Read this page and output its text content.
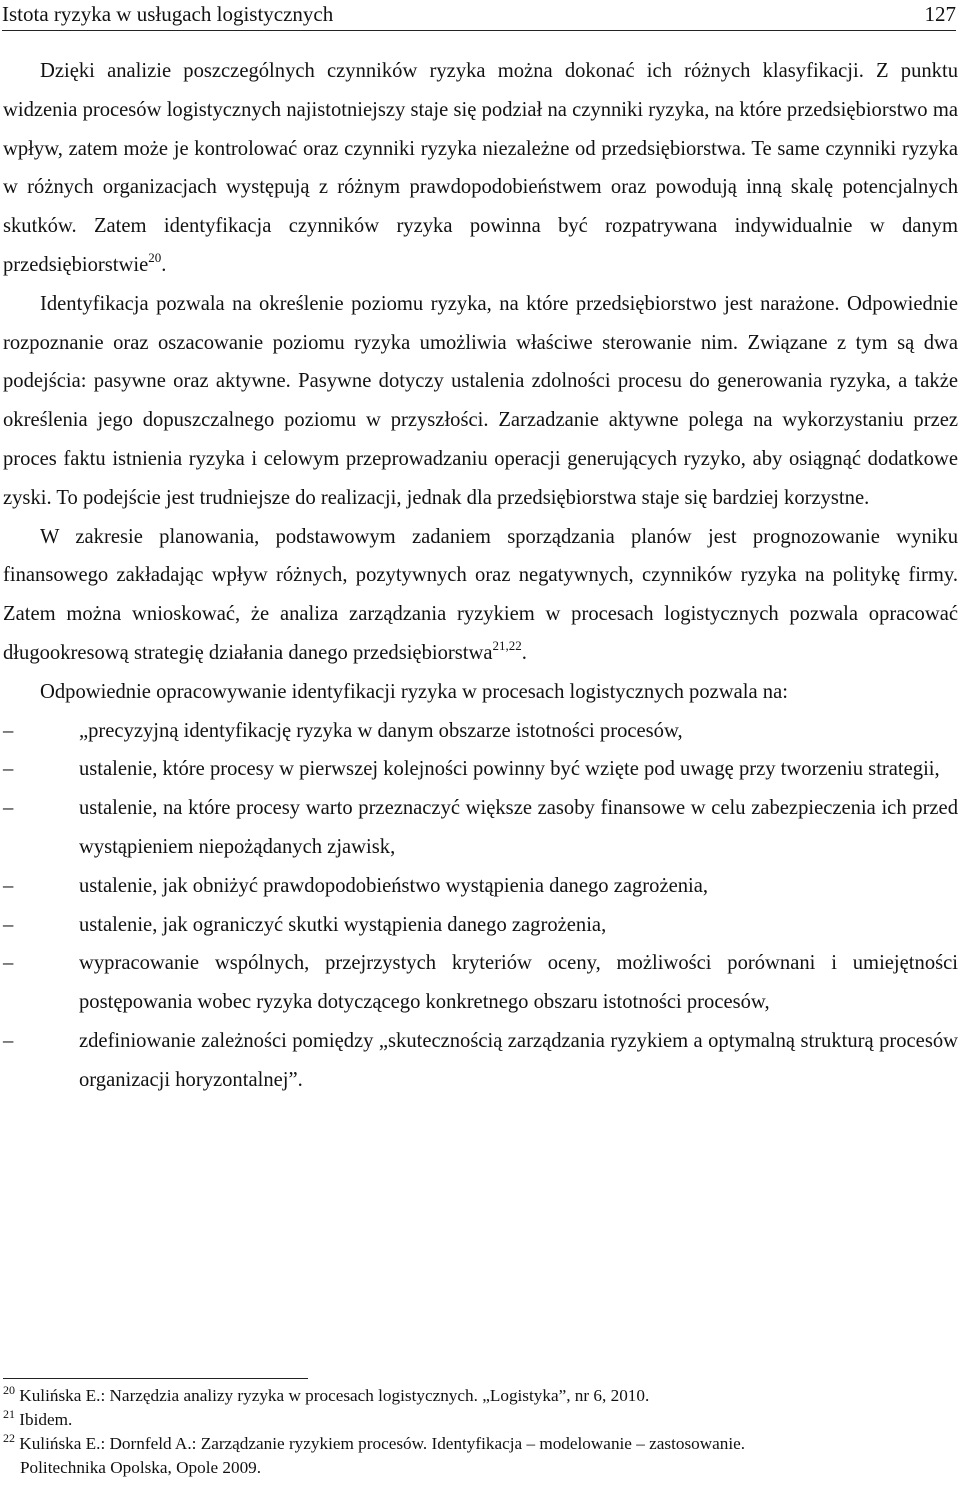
Istota ryzyka w usługach logistycznych	127

Dzięki analizie poszczególnych czynników ryzyka można dokonać ich różnych klasyfikacji. Z punktu widzenia procesów logistycznych najistotniejszy staje się podział na czynniki ryzyka, na które przedsiębiorstwo ma wpływ, zatem może je kontrolować oraz czynniki ryzyka niezależne od przedsiębiorstwa. Te same czynniki ryzyka w różnych organizacjach występują z różnym prawdopodobieństwem oraz powodują inną skalę potencjalnych skutków. Zatem identyfikacja czynników ryzyka powinna być rozpatrywana indywidualnie w danym przedsiębiorstwie$^{20}$.

Identyfikacja pozwala na określenie poziomu ryzyka, na które przedsiębiorstwo jest narażone. Odpowiednie rozpoznanie oraz oszacowanie poziomu ryzyka umożliwia właściwe sterowanie nim. Związane z tym są dwa podejścia: pasywne oraz aktywne. Pasywne dotyczy ustalenia zdolności procesu do generowania ryzyka, a także określenia jego dopuszczalnego poziomu w przyszłości. Zarzadzanie aktywne polega na wykorzystaniu przez proces faktu istnienia ryzyka i celowym przeprowadzaniu operacji generujących ryzyko, aby osiągnąć dodatkowe zyski. To podejście jest trudniejsze do realizacji, jednak dla przedsiębiorstwa staje się bardziej korzystne.

W zakresie planowania, podstawowym zadaniem sporządzania planów jest prognozowanie wyniku finansowego zakładając wpływ różnych, pozytywnych oraz negatywnych, czynników ryzyka na politykę firmy. Zatem można wnioskować, że analiza zarządzania ryzykiem w procesach logistycznych pozwala opracować długookresową strategię działania danego przedsiębiorstwa$^{21,22}$.

Odpowiednie opracowywanie identyfikacji ryzyka w procesach logistycznych pozwala na:

–	„precyzyjną identyfikację ryzyka w danym obszarze istotności procesów,
–	ustalenie, które procesy w pierwszej kolejności powinny być wzięte pod uwagę przy tworzeniu strategii,
–	ustalenie, na które procesy warto przeznaczyć większe zasoby finansowe w celu zabezpieczenia ich przed wystąpieniem niepożądanych zjawisk,
–	ustalenie, jak obniżyć prawdopodobieństwo wystąpienia danego zagrożenia,
–	ustalenie, jak ograniczyć skutki wystąpienia danego zagrożenia,
–	wypracowanie wspólnych, przejrzystych kryteriów oceny, możliwości porównani i umiejętności postępowania wobec ryzyka dotyczącego konkretnego obszaru istotności procesów,
–	zdefiniowanie zależności pomiędzy „skutecznością zarządzania ryzykiem a optymalną strukturą procesów organizacji horyzontalnej”.

$^{20}$ Kulińska E.: Narzędzia analizy ryzyka w procesach logistycznych. „Logistyka”, nr 6, 2010.

$^{21}$ Ibidem.

$^{22}$ Kulińska E.: Dornfeld A.: Zarządzanie ryzykiem procesów. Identyfikacja – modelowanie – zastosowanie.
Politechnika Opolska, Opole 2009.
